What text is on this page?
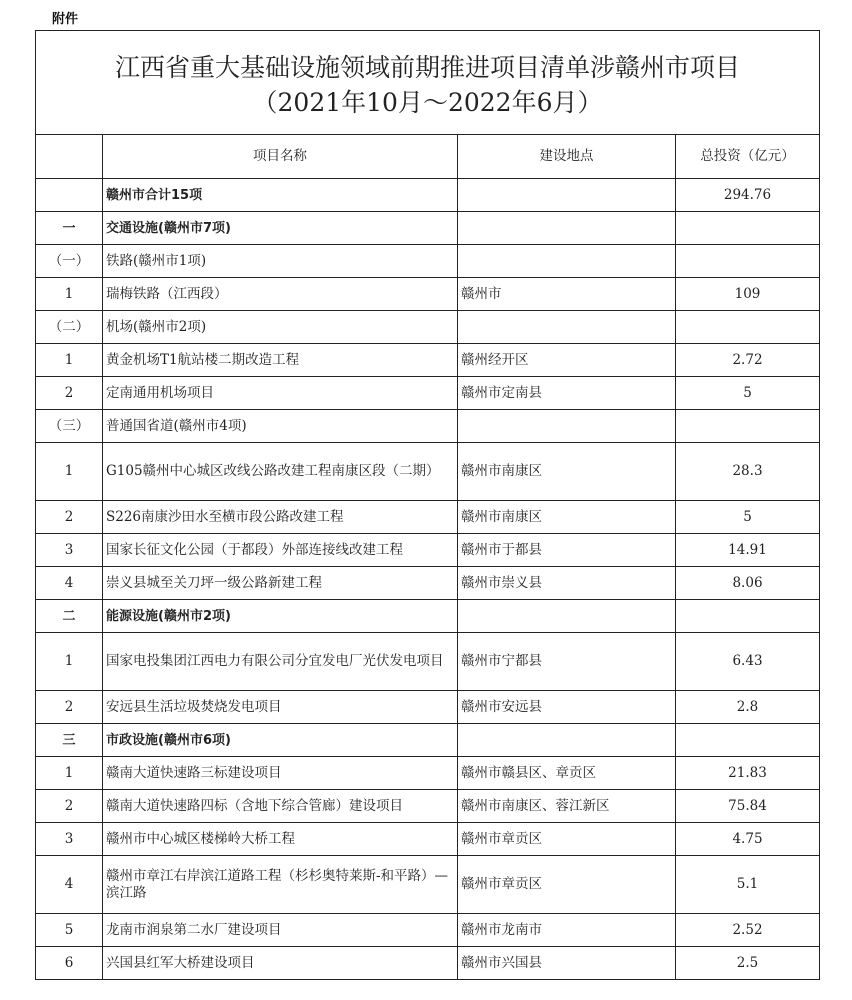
附件
江西省重大基础设施领域前期推进项目清单涉赣州市项目
（2021年10月～2022年6月）			

	项目名称	建设地点	总投资（亿元）
	赣州市合计15项		294.76
一	交通设施(赣州市7项)		
（一）	铁路(赣州市1项)		
1	瑞梅铁路（江西段）	赣州市	109
（二）	机场(赣州市2项)		
1	黄金机场T1航站楼二期改造工程	赣州经开区	2.72
2	定南通用机场项目	赣州市定南县	5
（三）	普通国省道(赣州市4项)		
1	G105赣州中心城区改线公路改建工程南康区段（二期）	赣州市南康区	28.3
2	S226南康沙田水至横市段公路改建工程	赣州市南康区	5
3	国家长征文化公园（于都段）外部连接线改建工程	赣州市于都县	14.91
4	崇义县城至关刀坪一级公路新建工程	赣州市崇义县	8.06
二	能源设施(赣州市2项)		
1	国家电投集团江西电力有限公司分宜发电厂光伏发电项目	赣州市宁都县	6.43
2	安远县生活垃圾焚烧发电项目	赣州市安远县	2.8
三	市政设施(赣州市6项)		
1	赣南大道快速路三标建设项目	赣州市赣县区、章贡区	21.83
2	赣南大道快速路四标（含地下综合管廊）建设项目	赣州市南康区、蓉江新区	75.84
3	赣州市中心城区楼梯岭大桥工程	赣州市章贡区	4.75
4	赣州市章江右岸滨江道路工程（杉杉奥特莱斯-和平路）—滨江路	赣州市章贡区	5.1
5	龙南市润泉第二水厂建设项目	赣州市龙南市	2.52
6	兴国县红军大桥建设项目	赣州市兴国县	2.5
